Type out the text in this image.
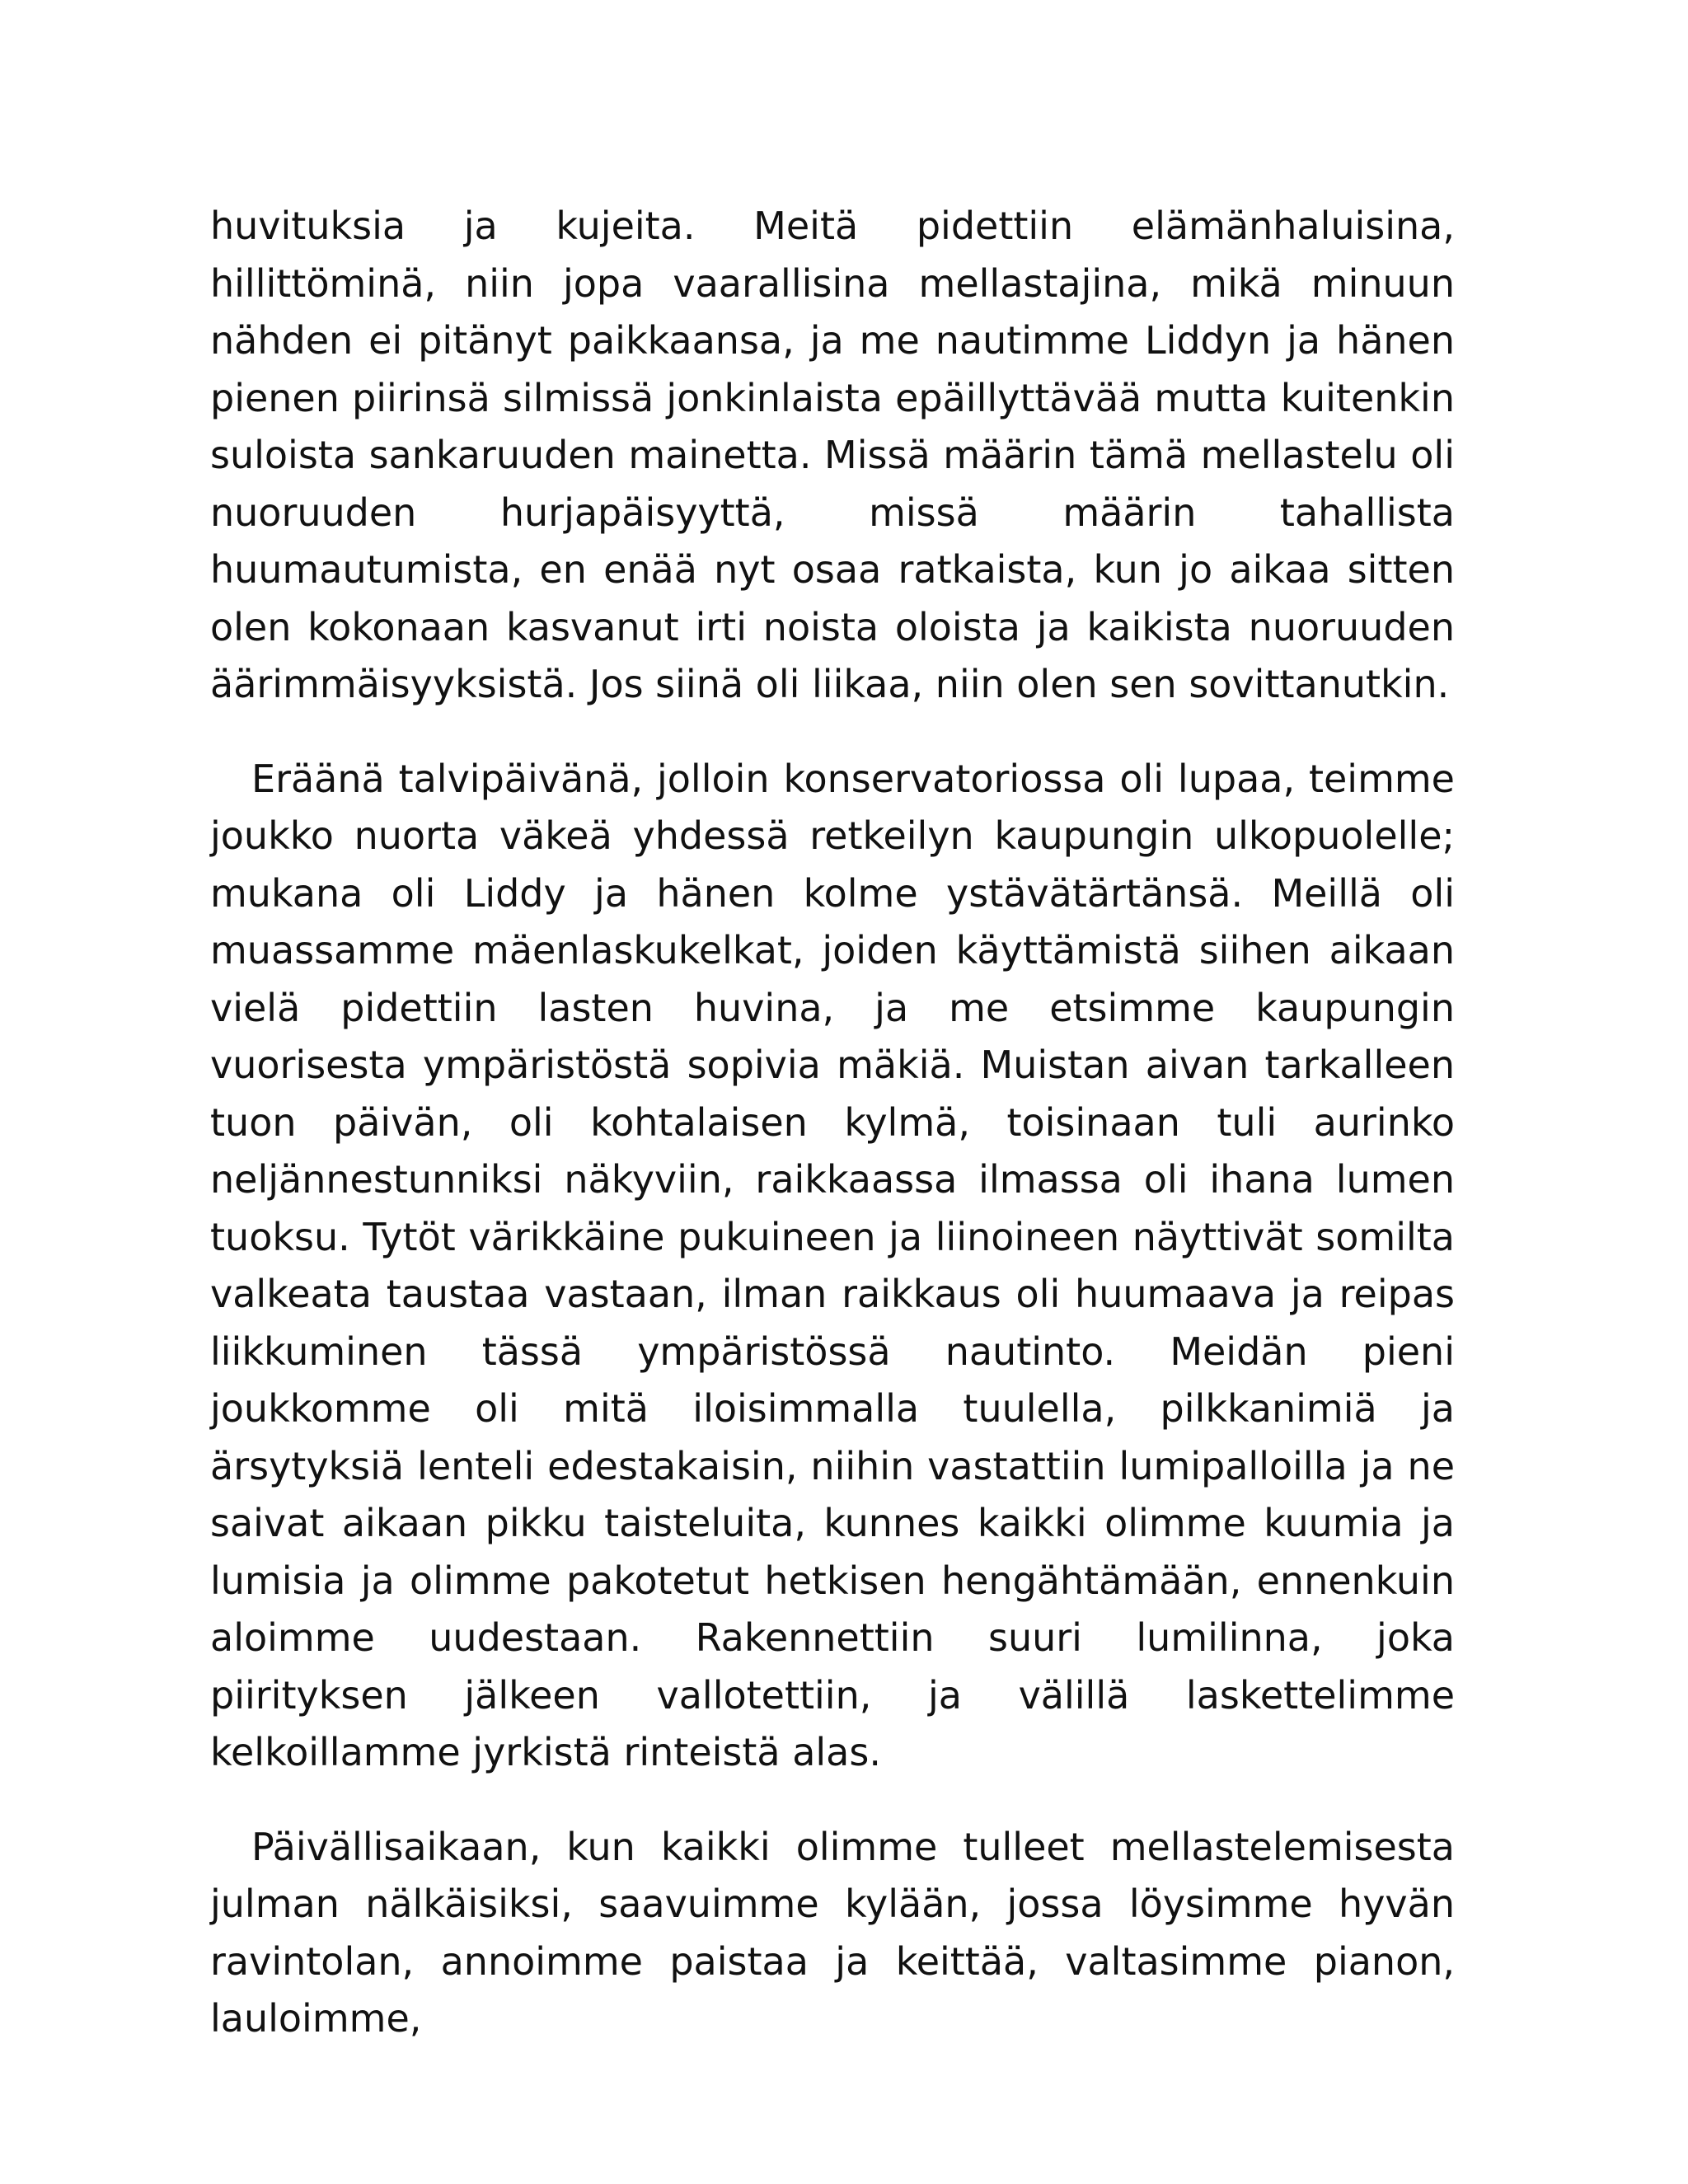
huvituksia ja kujeita. Meitä pidettiin elämänhaluisina, hillittöminä, niin jopa vaarallisina mellastajina, mikä minuun nähden ei pitänyt paikkaansa, ja me nautimme Liddyn ja hänen pienen piirinsä silmissä jonkinlaista epäillyttävää mutta kuitenkin suloista sankaruuden mainetta. Missä määrin tämä mellastelu oli nuoruuden hurjapäisyyttä, missä määrin tahallista huumautumista, en enää nyt osaa ratkaista, kun jo aikaa sitten olen kokonaan kasvanut irti noista oloista ja kaikista nuoruuden äärimmäisyyksistä. Jos siinä oli liikaa, niin olen sen sovittanutkin.

Eräänä talvipäivänä, jolloin konservatoriossa oli lupaa, teimme joukko nuorta väkeä yhdessä retkeilyn kaupungin ulkopuolelle; mukana oli Liddy ja hänen kolme ystävätärtänsä. Meillä oli muassamme mäenlaskukelkat, joiden käyttämistä siihen aikaan vielä pidettiin lasten huvina, ja me etsimme kaupungin vuorisesta ympäristöstä sopivia mäkiä. Muistan aivan tarkalleen tuon päivän, oli kohtalaisen kylmä, toisinaan tuli aurinko neljännestunniksi näkyviin, raikkaassa ilmassa oli ihana lumen tuoksu. Tytöt värikkäine pukuineen ja liinoineen näyttivät somilta valkeata taustaa vastaan, ilman raikkaus oli huumaava ja reipas liikkuminen tässä ympäristössä nautinto. Meidän pieni joukkomme oli mitä iloisimmalla tuulella, pilkkanimiä ja ärsytyksiä lenteli edestakaisin, niihin vastattiin lumipalloilla ja ne saivat aikaan pikku taisteluita, kunnes kaikki olimme kuumia ja lumisia ja olimme pakotetut hetkisen hengähtämään, ennenkuin aloimme uudestaan. Rakennettiin suuri lumilinna, joka piirityksen jälkeen vallotettiin, ja välillä laskettelimme kelkoillamme jyrkistä rinteistä alas.

Päivällisaikaan, kun kaikki olimme tulleet mellastelemisesta julman nälkäisiksi, saavuimme kylään, jossa löysimme hyvän ravintolan, annoimme paistaa ja keittää, valtasimme pianon, lauloimme,
